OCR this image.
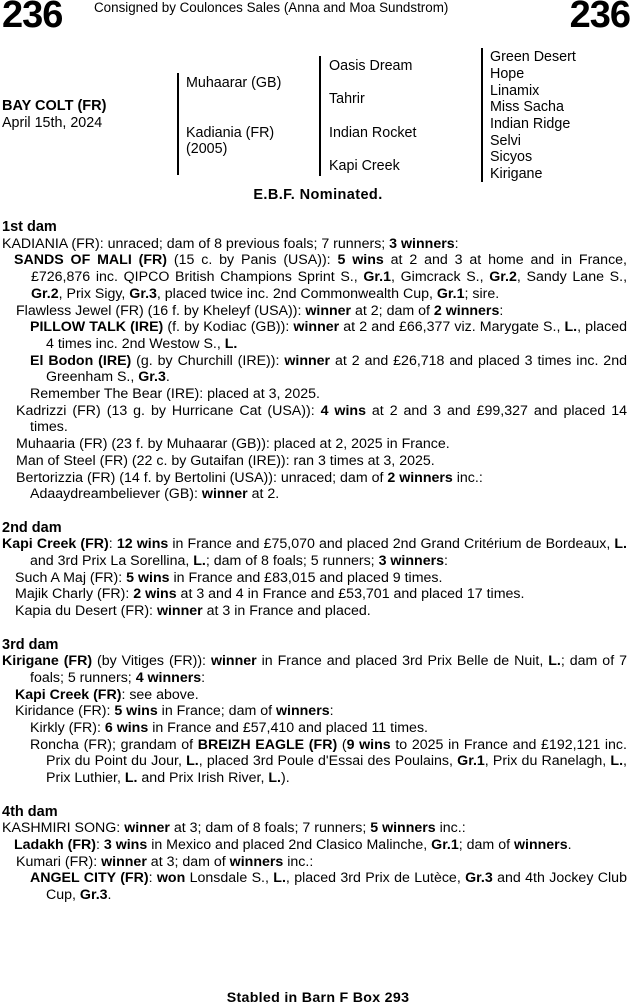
236 Consigned by Coulonces Sales (Anna and Moa Sundstrom)	236
BAY COLT (FR)
April 15th, 2024
Muhaarar (GB)
Kadiania (FR)
(2005)
Oasis Dream
Tahrir
Indian Rocket
Kapi Creek
Green Desert
Hope
Linamix
Miss Sacha
Indian Ridge
Selvi
Sicyos
Kirigane
E.B.F. Nominated.
1st dam
KADIANIA (FR): unraced; dam of 8 previous foals; 7 runners; 3 winners:
SANDS OF MALI (FR) (15 c. by Panis (USA)): 5 wins at 2 and 3 at home and in France, £726,876 inc. QIPCO British Champions Sprint S., Gr.1, Gimcrack S., Gr.2, Sandy Lane S., Gr.2, Prix Sigy, Gr.3, placed twice inc. 2nd Commonwealth Cup, Gr.1; sire.
Flawless Jewel (FR) (16 f. by Kheleyf (USA)): winner at 2; dam of 2 winners:
PILLOW TALK (IRE) (f. by Kodiac (GB)): winner at 2 and £66,377 viz. Marygate S., L., placed 4 times inc. 2nd Westow S., L.
El Bodon (IRE) (g. by Churchill (IRE)): winner at 2 and £26,718 and placed 3 times inc. 2nd Greenham S., Gr.3.
Remember The Bear (IRE): placed at 3, 2025.
Kadrizzi (FR) (13 g. by Hurricane Cat (USA)): 4 wins at 2 and 3 and £99,327 and placed 14 times.
Muhaaria (FR) (23 f. by Muhaarar (GB)): placed at 2, 2025 in France.
Man of Steel (FR) (22 c. by Gutaifan (IRE)): ran 3 times at 3, 2025.
Bertorizzia (FR) (14 f. by Bertolini (USA)): unraced; dam of 2 winners inc.:
Adaaydreambeliever (GB): winner at 2.
2nd dam
Kapi Creek (FR): 12 wins in France and £75,070 and placed 2nd Grand Critérium de Bordeaux, L. and 3rd Prix La Sorellina, L.; dam of 8 foals; 5 runners; 3 winners:
Such A Maj (FR): 5 wins in France and £83,015 and placed 9 times.
Majik Charly (FR): 2 wins at 3 and 4 in France and £53,701 and placed 17 times.
Kapia du Desert (FR): winner at 3 in France and placed.
3rd dam
Kirigane (FR) (by Vitiges (FR)): winner in France and placed 3rd Prix Belle de Nuit, L.; dam of 7 foals; 5 runners; 4 winners:
Kapi Creek (FR): see above.
Kiridance (FR): 5 wins in France; dam of winners:
Kirkly (FR): 6 wins in France and £57,410 and placed 11 times.
Roncha (FR); grandam of BREIZH EAGLE (FR) (9 wins to 2025 in France and £192,121 inc. Prix du Point du Jour, L., placed 3rd Poule d'Essai des Poulains, Gr.1, Prix du Ranelagh, L., Prix Luthier, L. and Prix Irish River, L.).
4th dam
KASHMIRI SONG: winner at 3; dam of 8 foals; 7 runners; 5 winners inc.:
Ladakh (FR): 3 wins in Mexico and placed 2nd Clasico Malinche, Gr.1; dam of winners.
Kumari (FR): winner at 3; dam of winners inc.:
ANGEL CITY (FR): won Lonsdale S., L., placed 3rd Prix de Lutèce, Gr.3 and 4th Jockey Club Cup, Gr.3.
Stabled in Barn F Box 293
